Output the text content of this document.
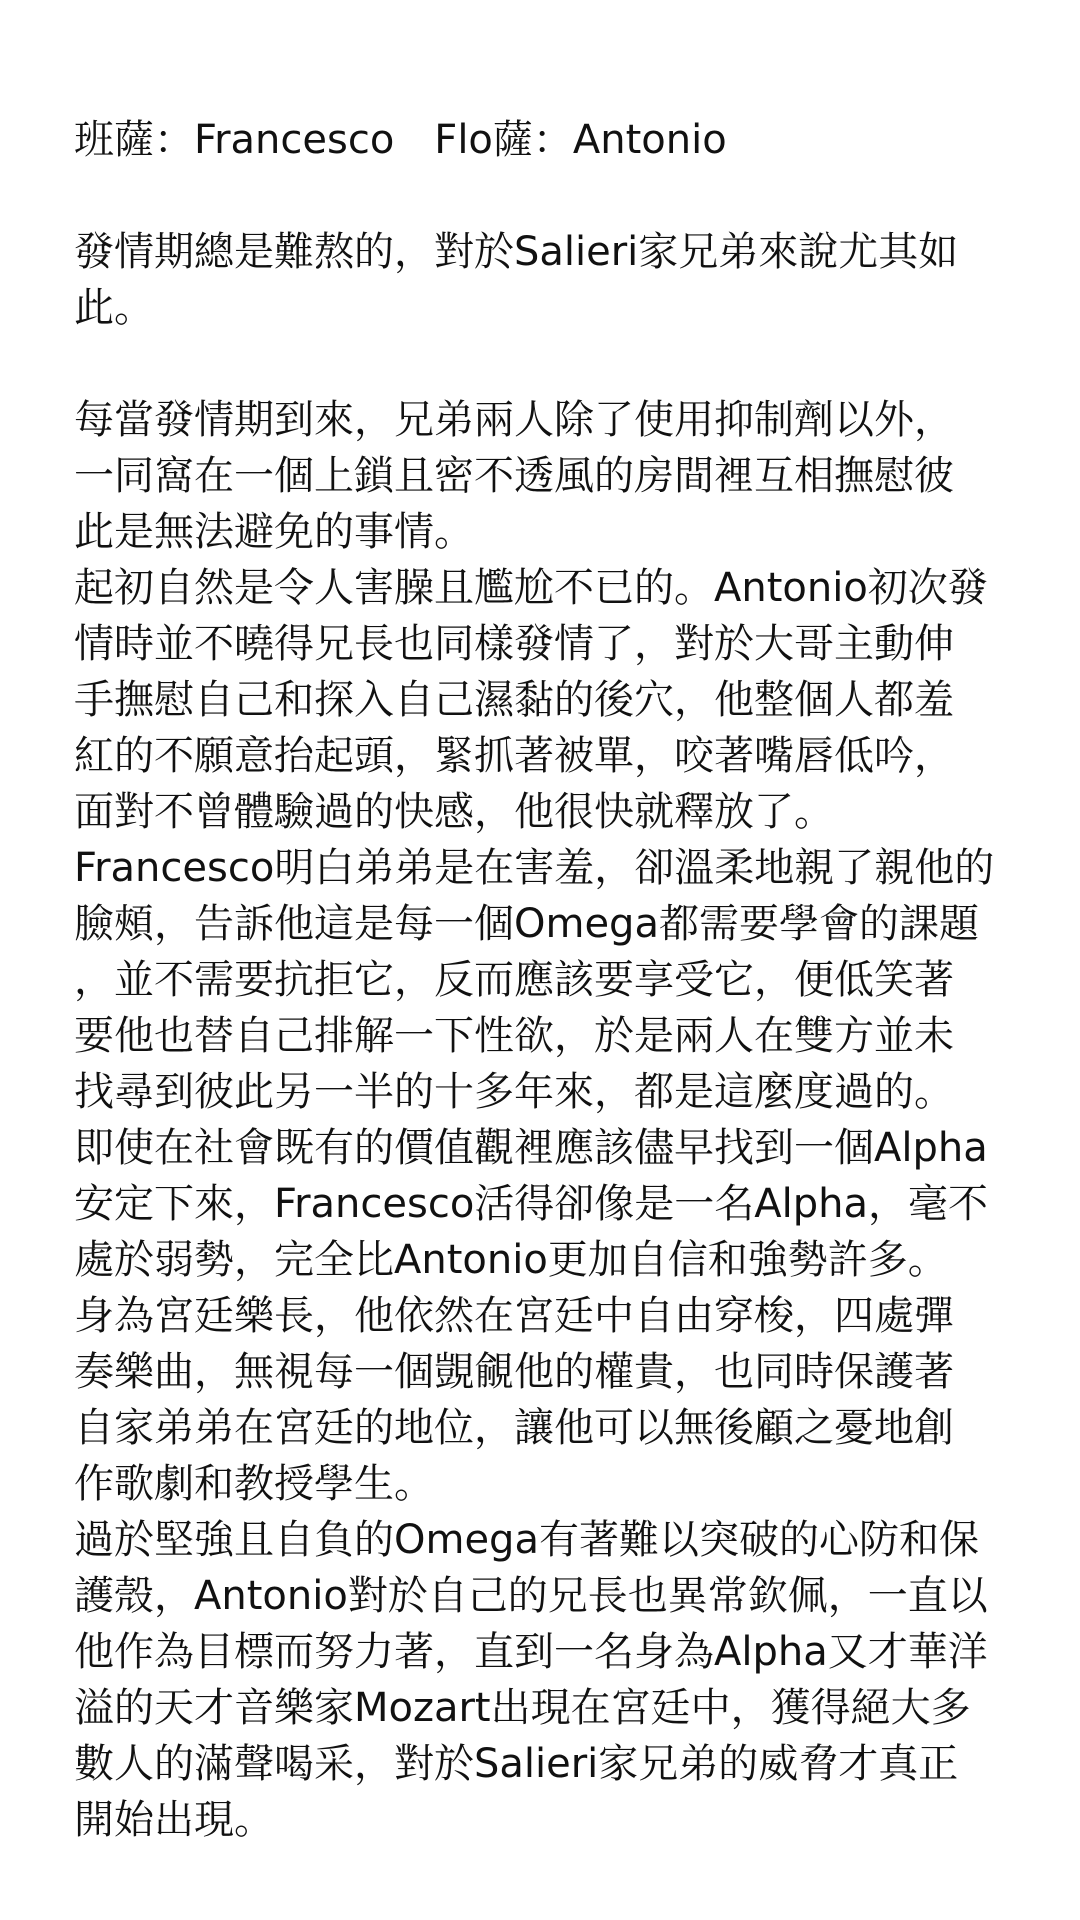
班薩：Francesco　Flo薩：Antonio
發情期總是難熬的，對於Salieri家兄弟來說尤其如
此。
每當發情期到來，兄弟兩人除了使用抑制劑以外，
一同窩在一個上鎖且密不透風的房間裡互相撫慰彼
此是無法避免的事情。
起初自然是令人害臊且尷尬不已的。Antonio初次發
情時並不曉得兄長也同樣發情了，對於大哥主動伸
手撫慰自己和探入自己濕黏的後穴，他整個人都羞
紅的不願意抬起頭，緊抓著被單，咬著嘴唇低吟，
面對不曾體驗過的快感，他很快就釋放了。
Francesco明白弟弟是在害羞，卻溫柔地親了親他的
臉頰，告訴他這是每一個Omega都需要學會的課題
，並不需要抗拒它，反而應該要享受它，便低笑著
要他也替自己排解一下性欲，於是兩人在雙方並未
找尋到彼此另一半的十多年來，都是這麼度過的。
即使在社會既有的價值觀裡應該儘早找到一個Alpha
安定下來，Francesco活得卻像是一名Alpha，毫不
處於弱勢，完全比Antonio更加自信和強勢許多。
身為宮廷樂長，他依然在宮廷中自由穿梭，四處彈
奏樂曲，無視每一個覬覦他的權貴，也同時保護著
自家弟弟在宮廷的地位，讓他可以無後顧之憂地創
作歌劇和教授學生。
過於堅強且自負的Omega有著難以突破的心防和保
護殼，Antonio對於自己的兄長也異常欽佩，一直以
他作為目標而努力著，直到一名身為Alpha又才華洋
溢的天才音樂家Mozart出現在宮廷中，獲得絕大多
數人的滿聲喝采，對於Salieri家兄弟的威脅才真正
開始出現。
